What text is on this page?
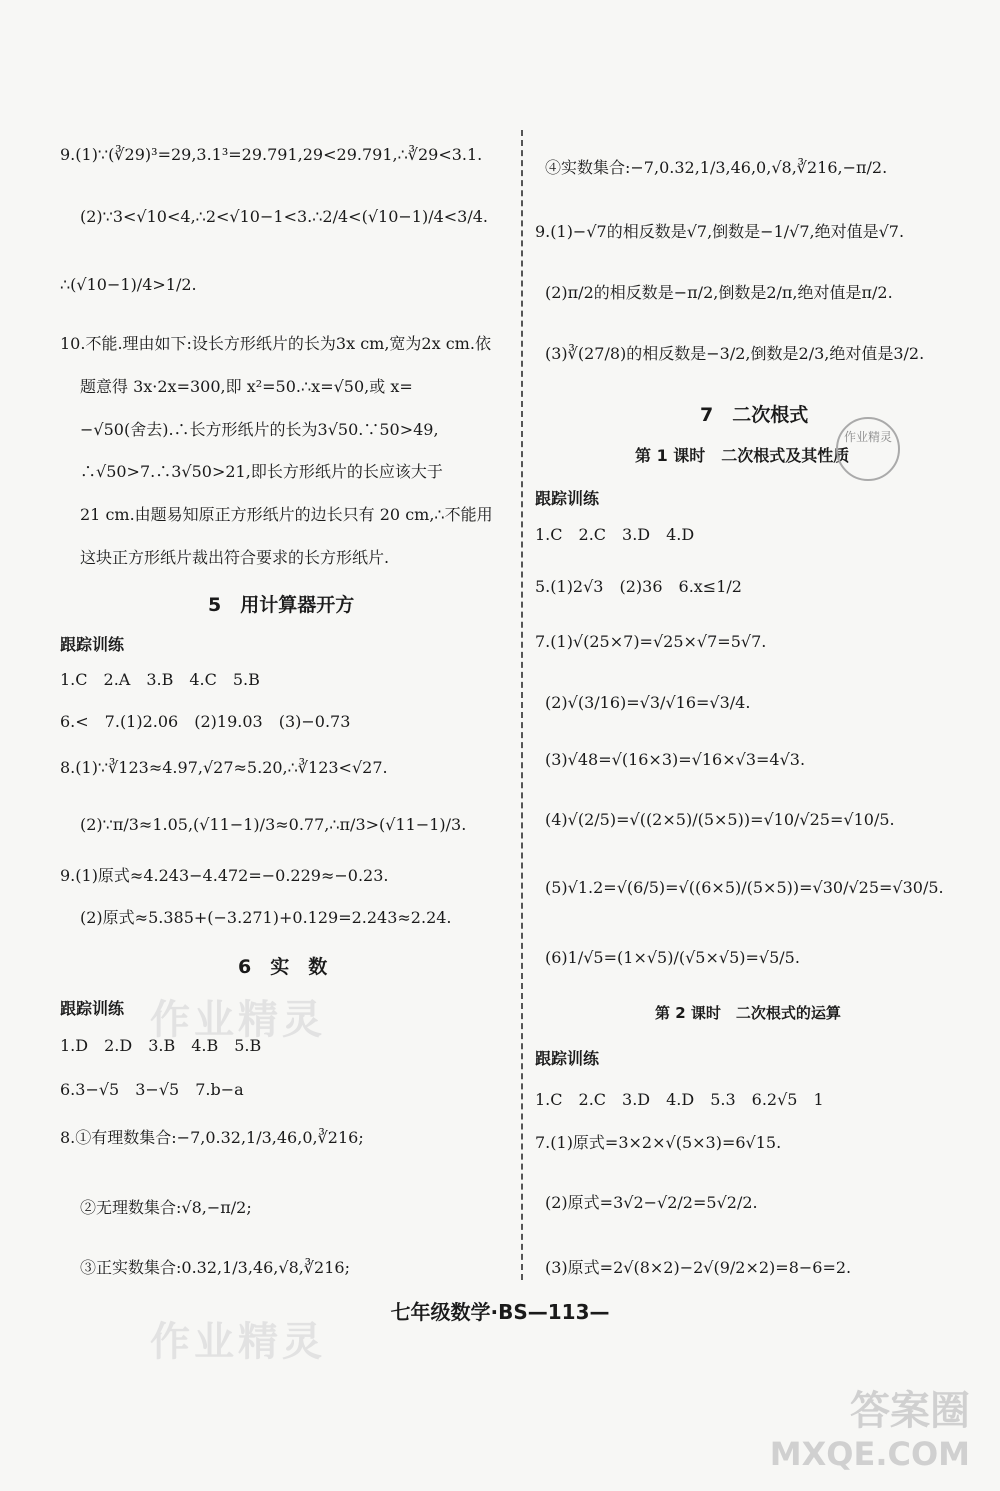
9.(1)∵(∛29)³=29,3.1³=29.791,29<29.791,∴∛29<3.1.
(2)∵3<√10<4,∴2<√10−1<3.∴2/4<(√10−1)/4<3/4.
∴(√10−1)/4>1/2.
10.不能.理由如下:设长方形纸片的长为3x cm,宽为2x cm.依
题意得 3x·2x=300,即 x²=50.∴x=√50,或 x=
−√50(舍去).∴长方形纸片的长为3√50.∵50>49,
∴√50>7.∴3√50>21,即长方形纸片的长应该大于
21 cm.由题易知原正方形纸片的边长只有 20 cm,∴不能用
这块正方形纸片裁出符合要求的长方形纸片.
5　用计算器开方
跟踪训练
1.C　2.A　3.B　4.C　5.B
6.<　7.(1)2.06　(2)19.03　(3)−0.73
8.(1)∵∛123≈4.97,√27≈5.20,∴∛123<√27.
(2)∵π/3≈1.05,(√11−1)/3≈0.77,∴π/3>(√11−1)/3.
9.(1)原式≈4.243−4.472=−0.229≈−0.23.
(2)原式≈5.385+(−3.271)+0.129=2.243≈2.24.
6　实　数
跟踪训练
1.D　2.D　3.B　4.B　5.B
6.3−√5　3−√5　7.b−a
8.①有理数集合:−7,0.32,1/3,46,0,∛216;
②无理数集合:√8,−π/2;
③正实数集合:0.32,1/3,46,√8,∛216;
④实数集合:−7,0.32,1/3,46,0,√8,∛216,−π/2.
9.(1)−√7的相反数是√7,倒数是−1/√7,绝对值是√7.
(2)π/2的相反数是−π/2,倒数是2/π,绝对值是π/2.
(3)∛(27/8)的相反数是−3/2,倒数是2/3,绝对值是3/2.
7　二次根式
第 1 课时　二次根式及其性质
跟踪训练
1.C　2.C　3.D　4.D
5.(1)2√3　(2)36　6.x≤1/2
7.(1)√(25×7)=√25×√7=5√7.
(2)√(3/16)=√3/√16=√3/4.
(3)√48=√(16×3)=√16×√3=4√3.
(4)√(2/5)=√((2×5)/(5×5))=√10/√25=√10/5.
(5)√1.2=√(6/5)=√((6×5)/(5×5))=√30/√25=√30/5.
(6)1/√5=(1×√5)/(√5×√5)=√5/5.
第 2 课时　二次根式的运算
跟踪训练
1.C　2.C　3.D　4.D　5.3　6.2√5　1
7.(1)原式=3×2×√(5×3)=6√15.
(2)原式=3√2−√2/2=5√2/2.
(3)原式=2√(8×2)−2√(9/2×2)=8−6=2.
作业精灵
作业精灵
作业精灵
七年级数学·BS—113—
答案圈
MXQE.COM
